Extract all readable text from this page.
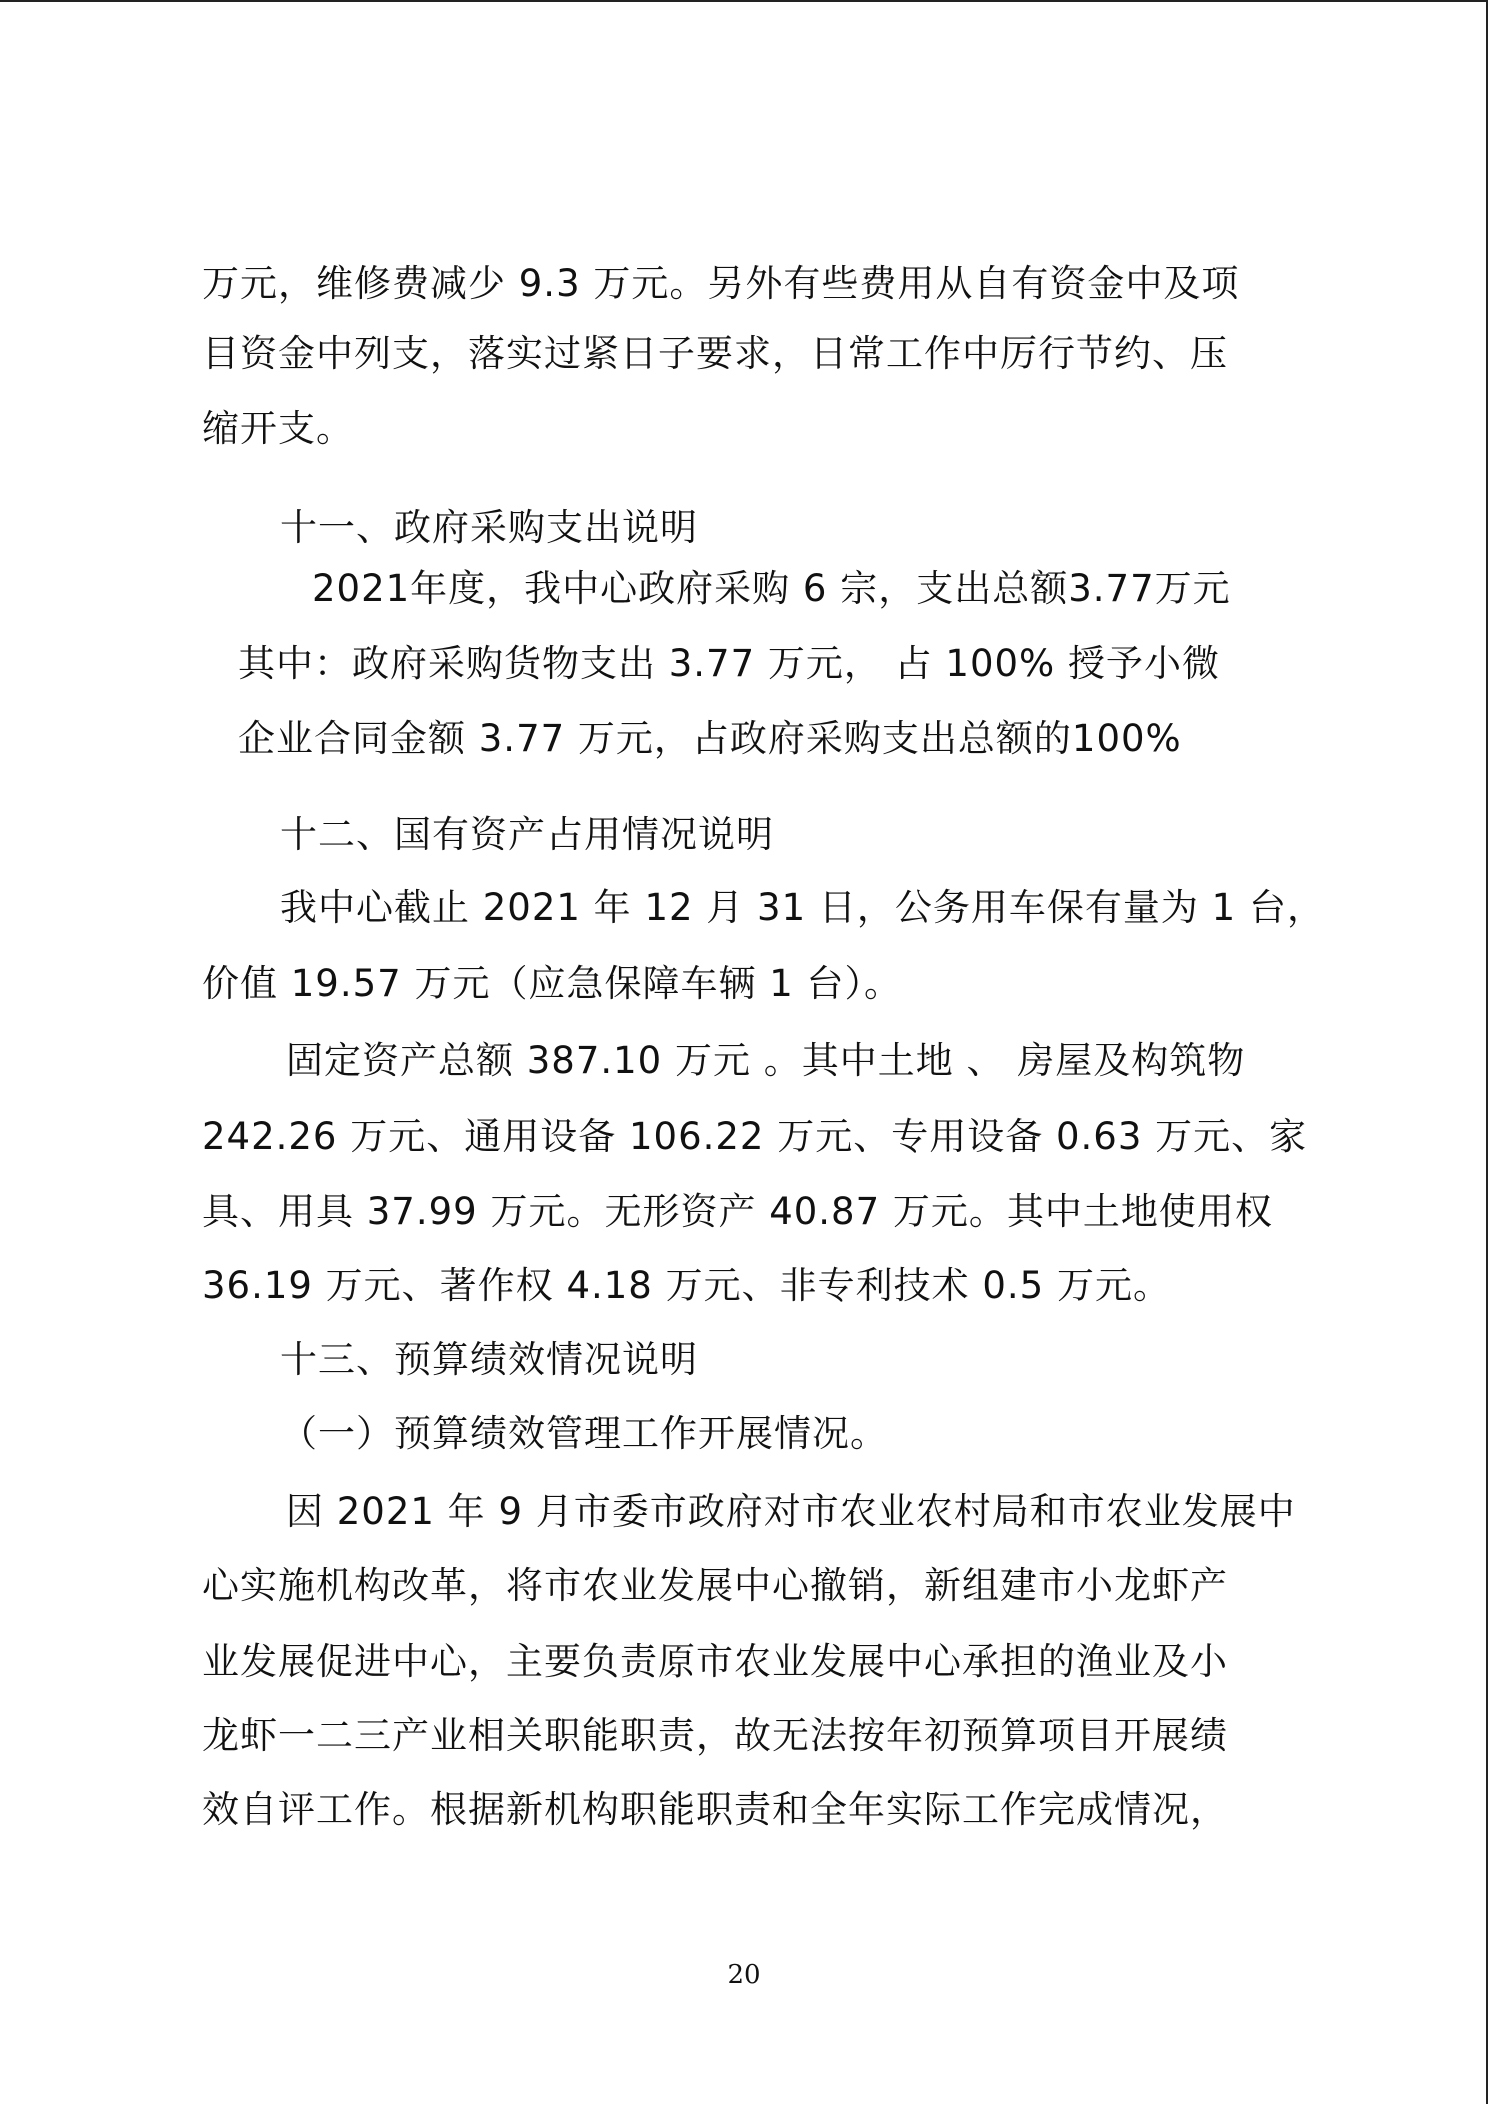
万元，维修费减少 9.3 万元。另外有些费用从自有资金中及项
目资金中列支，落实过紧日子要求，日常工作中厉行节约、压
缩开支。
十一、政府采购支出说明
2021年度，我中心政府采购 6 宗，支出总额3.77万元
其中：政府采购货物支出 3.77 万元， 占 100% 授予小微
企业合同金额 3.77 万元，占政府采购支出总额的100%
十二、国有资产占用情况说明
我中心截止 2021 年 12 月 31 日，公务用车保有量为 1 台，
价值 19.57 万元（应急保障车辆 1 台）。
固定资产总额 387.10 万元 。其中土地 、 房屋及构筑物
242.26 万元、通用设备 106.22 万元、专用设备 0.63 万元、家
具、用具 37.99 万元。无形资产 40.87 万元。其中土地使用权
36.19 万元、著作权 4.18 万元、非专利技术 0.5 万元。
十三、预算绩效情况说明
（一）预算绩效管理工作开展情况。
因 2021 年 9 月市委市政府对市农业农村局和市农业发展中
心实施机构改革，将市农业发展中心撤销，新组建市小龙虾产
业发展促进中心，主要负责原市农业发展中心承担的渔业及小
龙虾一二三产业相关职能职责，故无法按年初预算项目开展绩
效自评工作。根据新机构职能职责和全年实际工作完成情况，
20
